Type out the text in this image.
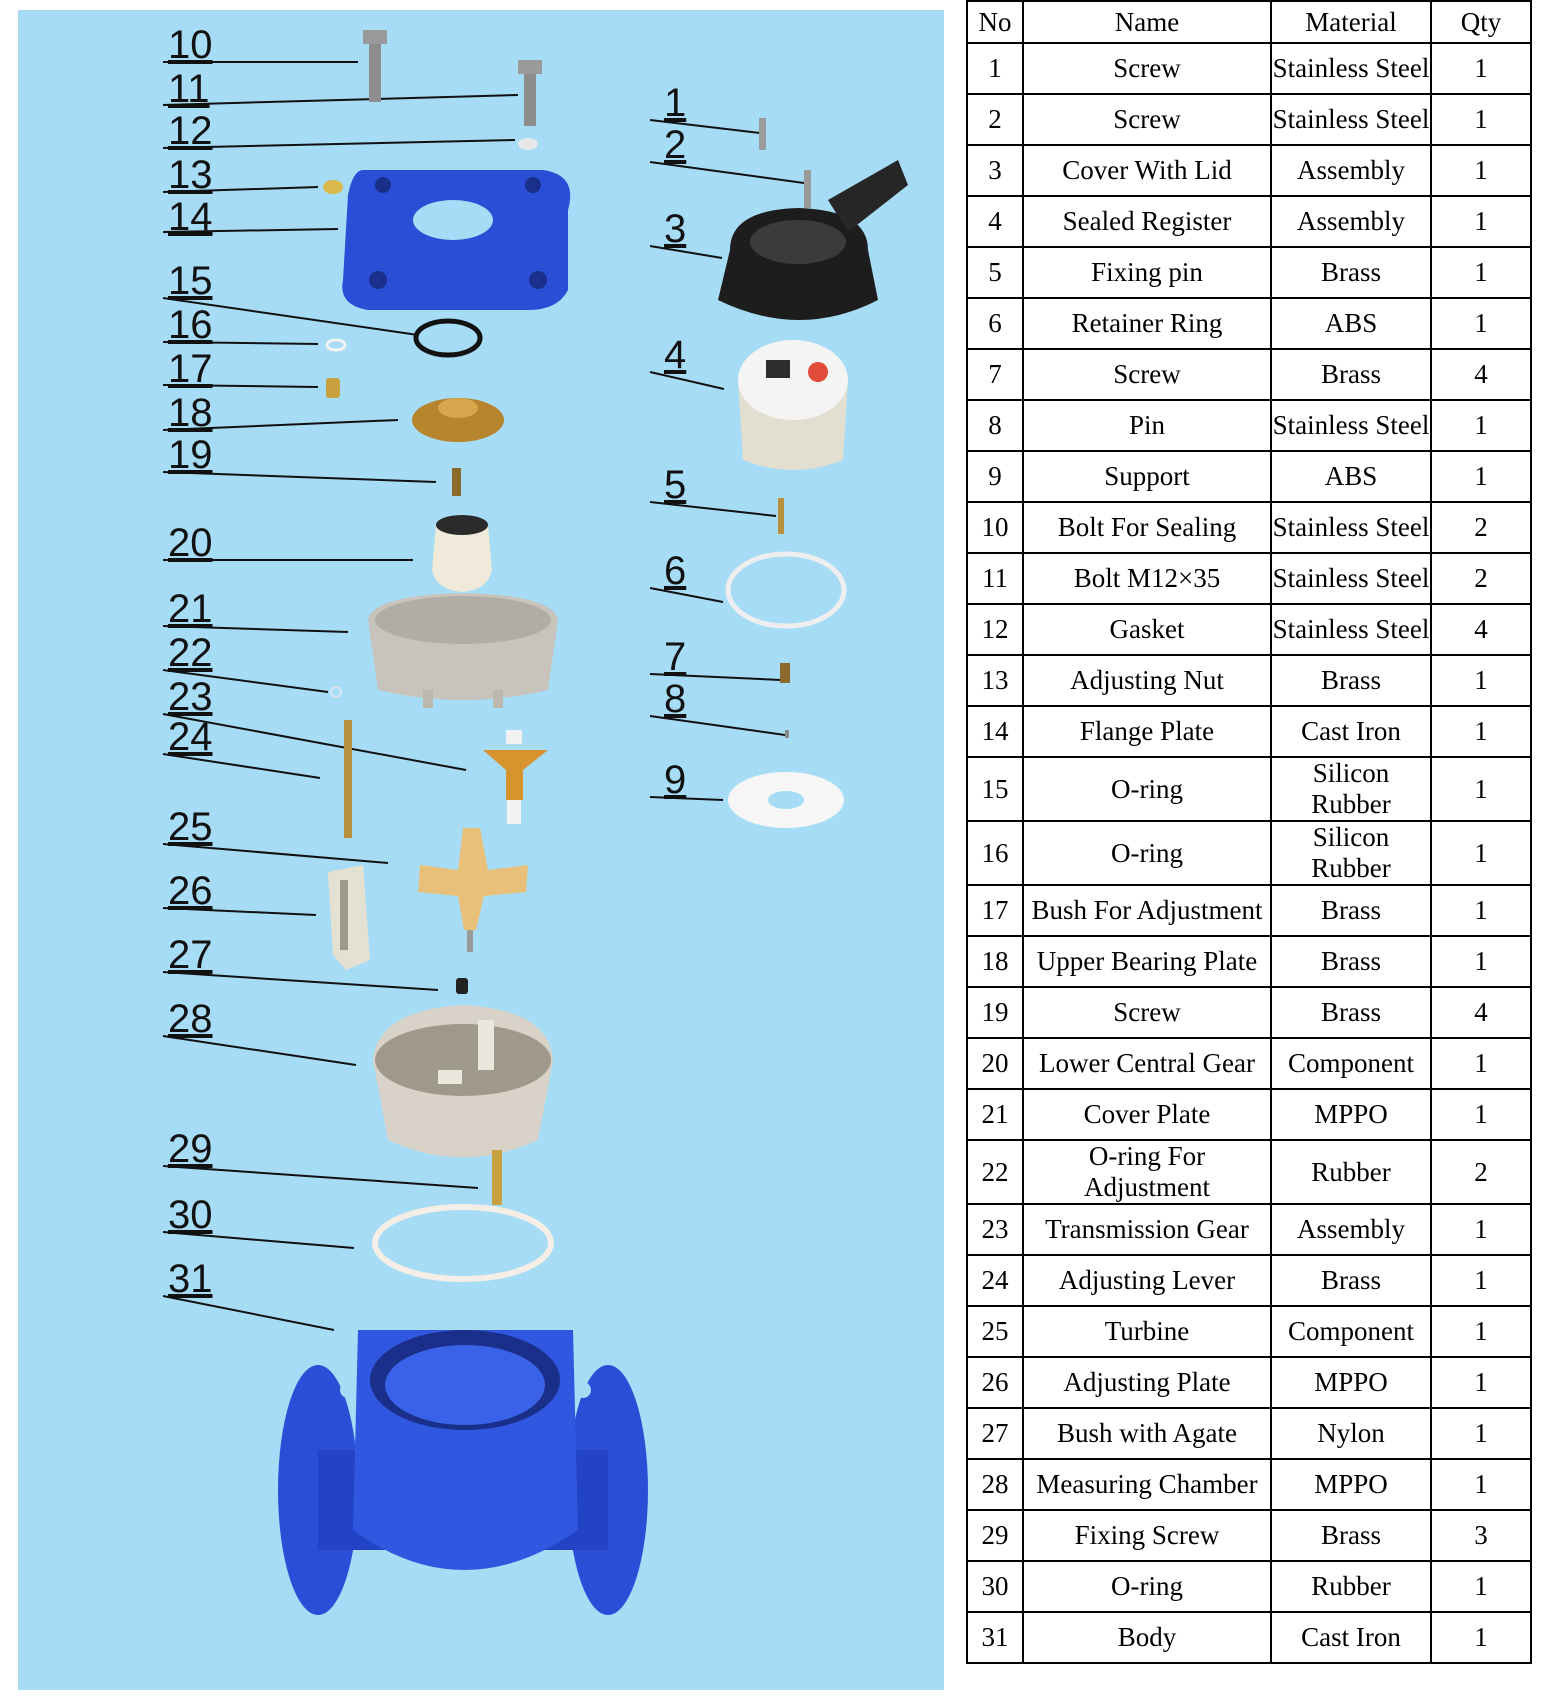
10
11
12
13
14
15
16
17
18
19
20
21
22
23
24
25
26
27
28
29
30
31
1
2
3
4
5
6
7
8
9
No	Name	Material	Qty
1	Screw	Stainless Steel	1
2	Screw	Stainless Steel	1
3	Cover With Lid	Assembly	1
4	Sealed Register	Assembly	1
5	Fixing pin	Brass	1
6	Retainer Ring	ABS	1
7	Screw	Brass	4
8	Pin	Stainless Steel	1
9	Support	ABS	1
10	Bolt For Sealing	Stainless Steel	2
11	Bolt M12×35	Stainless Steel	2
12	Gasket	Stainless Steel	4
13	Adjusting Nut	Brass	1
14	Flange Plate	Cast Iron	1
15	O-ring	Silicon Rubber	1
16	O-ring	Silicon Rubber	1
17	Bush For Adjustment	Brass	1
18	Upper Bearing Plate	Brass	1
19	Screw	Brass	4
20	Lower Central Gear	Component	1
21	Cover Plate	MPPO	1
22	O-ring For Adjustment	Rubber	2
23	Transmission Gear	Assembly	1
24	Adjusting Lever	Brass	1
25	Turbine	Component	1
26	Adjusting Plate	MPPO	1
27	Bush with Agate	Nylon	1
28	Measuring Chamber	MPPO	1
29	Fixing Screw	Brass	3
30	O-ring	Rubber	1
31	Body	Cast Iron	1
